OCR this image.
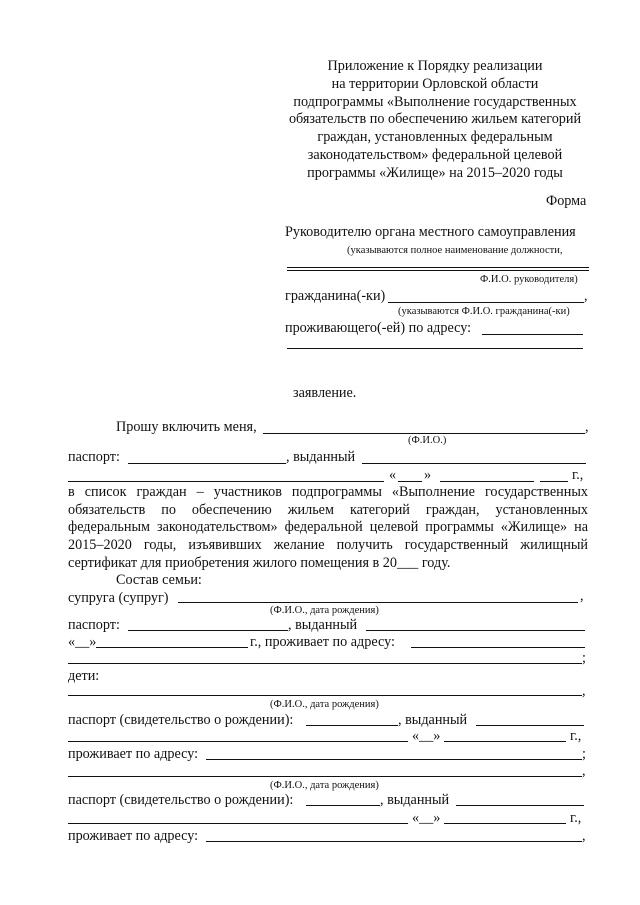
Приложение к Порядку реализации
на территории Орловской области
подпрограммы «Выполнение государственных
обязательств по обеспечению жильем категорий
граждан, установленных федеральным
законодательством» федеральной целевой
программы «Жилище» на 2015–2020 годы
Форма
Руководителю органа местного самоуправления
(указываются полное наименование должности,
Ф.И.О. руководителя)
гражданина(-ки)	,
(указываются Ф.И.О. гражданина(-ки)
проживающего(-ей) по адресу:
заявление.
Прошу включить меня,	,
(Ф.И.О.)
паспорт:	, выданный
« »	г.,
в список граждан – участников подпрограммы «Выполнение государственных обязательств по обеспечению жильем категорий граждан, установленных федеральным законодательством» федеральной целевой программы «Жилище» на 2015–2020 годы, изъявивших желание получить государственный жилищный сертификат для приобретения жилого помещения в 20___ году.
Состав семьи:
супруга (супруг)	,
(Ф.И.О., дата рождения)
паспорт:	, выданный
«__»	г., проживает по адресу:
;
дети:
,
(Ф.И.О., дата рождения)
паспорт (свидетельство о рождении):	, выданный
«__»	г.,
проживает по адресу:	;
,
(Ф.И.О., дата рождения)
паспорт (свидетельство о рождении):	, выданный
«__»	г.,
проживает по адресу:	,
